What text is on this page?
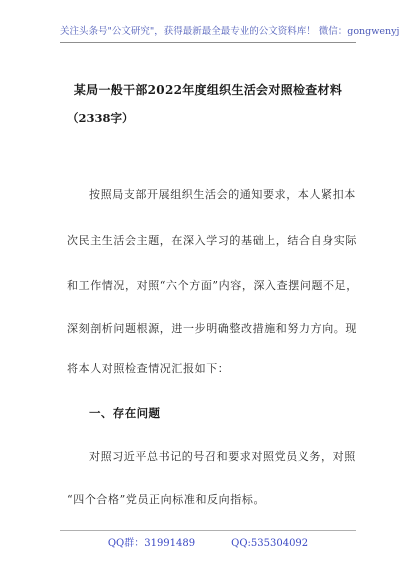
关注头条号"公文研究"，获得最新最全最专业的公文资料库！ 微信：gongwenyj
某局一般干部2022年度组织生活会对照检查材料
（2338字）
按照局支部开展组织生活会的通知要求，本人紧扣本
次民主生活会主题，在深入学习的基础上，结合自身实际
和工作情况，对照“六个方面”内容，深入查摆问题不足，
深刻剖析问题根源，进一步明确整改措施和努力方向。现
将本人对照检查情况汇报如下：
一、存在问题
对照习近平总书记的号召和要求对照党员义务，对照
“四个合格”党员正向标准和反向指标。
QQ群：31991489	QQ:535304092
